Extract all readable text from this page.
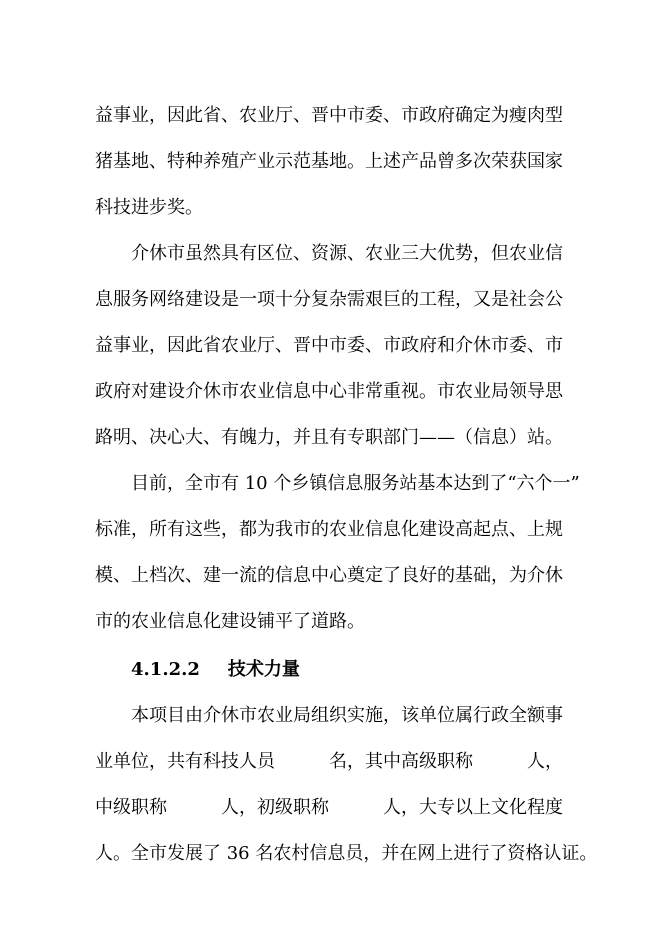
益事业，因此省、农业厅、晋中市委、市政府确定为瘦肉型
猪基地、特种养殖产业示范基地。上述产品曾多次荣获国家
科技进步奖。
介休市虽然具有区位、资源、农业三大优势，但农业信
息服务网络建设是一项十分复杂需艰巨的工程，又是社会公
益事业，因此省农业厅、晋中市委、市政府和介休市委、市
政府对建设介休市农业信息中心非常重视。市农业局领导思
路明、决心大、有魄力，并且有专职部门——（信息）站。
目前，全市有 10 个乡镇信息服务站基本达到了“六个一”
标准，所有这些，都为我市的农业信息化建设高起点、上规
模、上档次、建一流的信息中心奠定了良好的基础，为介休
市的农业信息化建设铺平了道路。
4.1.2.2 技术力量
本项目由介休市农业局组织实施，该单位属行政全额事
业单位，共有科技人员　　　名，其中高级职称　　　人，
中级职称　　　人，初级职称　　　人，大专以上文化程度
人。全市发展了 36 名农村信息员，并在网上进行了资格认证。
